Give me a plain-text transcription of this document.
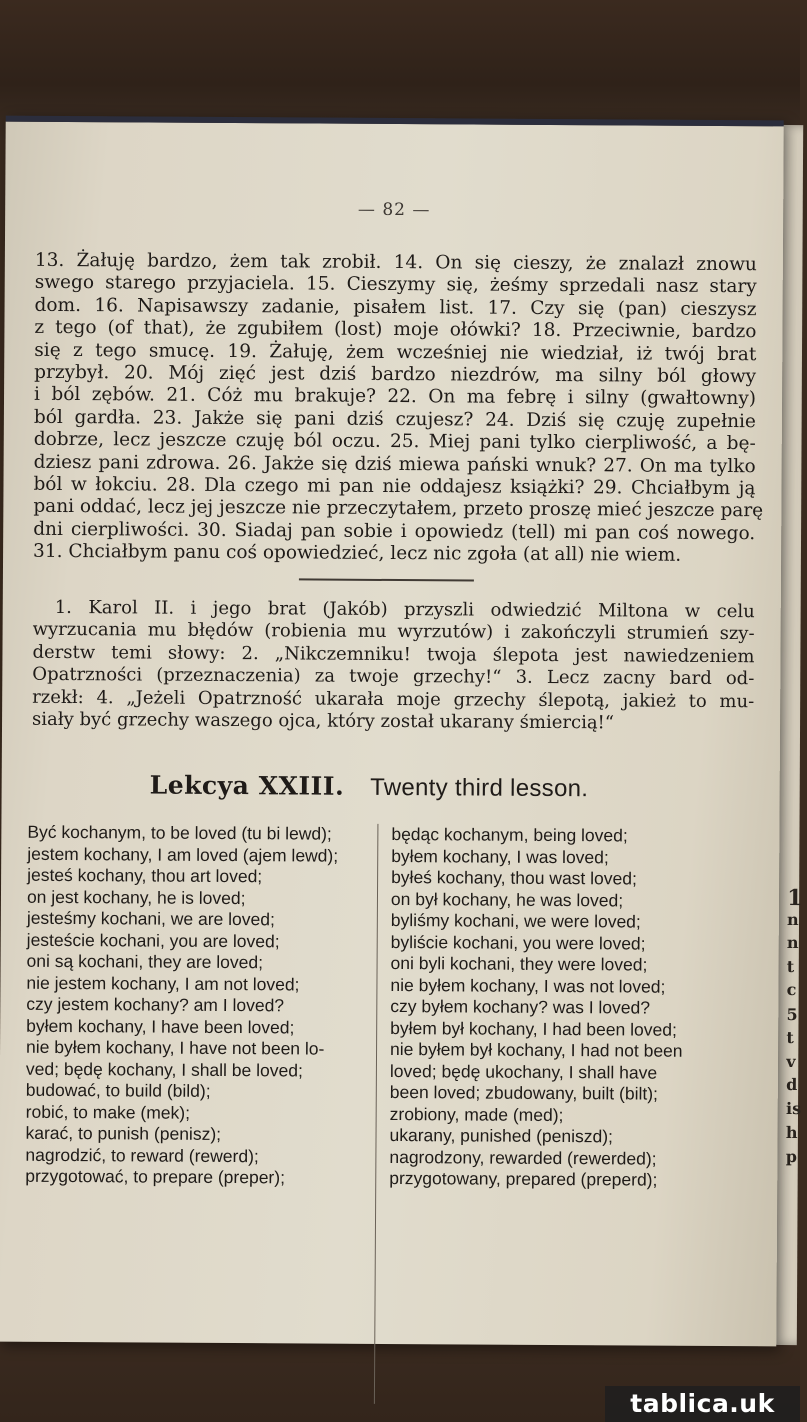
1
n
n
t
c
5
t
v
d
is
h
p
— 82 —

13. Żałuję bardzo, żem tak zrobił. 14. On się cieszy, że znalazł znowu
swego starego przyjaciela. 15. Cieszymy się, żeśmy sprzedali nasz stary
dom. 16. Napisawszy zadanie, pisałem list. 17. Czy się (pan) cieszysz
z tego (of that), że zgubiłem (lost) moje ołówki? 18. Przeciwnie, bardzo
się z tego smucę. 19. Żałuję, żem wcześniej nie wiedział, iż twój brat
przybył. 20. Mój zięć jest dziś bardzo niezdrów, ma silny ból głowy
i ból zębów. 21. Cóż mu brakuje? 22. On ma febrę i silny (gwałtowny)
ból gardła. 23. Jakże się pani dziś czujesz? 24. Dziś się czuję zupełnie
dobrze, lecz jeszcze czuję ból oczu. 25. Miej pani tylko cierpliwość, a bę-
dziesz pani zdrowa. 26. Jakże się dziś miewa pański wnuk? 27. On ma tylko
ból w łokciu. 28. Dla czego mi pan nie oddajesz książki? 29. Chciałbym ją
pani oddać, lecz jej jeszcze nie przeczytałem, przeto proszę mieć jeszcze parę
dni cierpliwości. 30. Siadaj pan sobie i opowiedz (tell) mi pan coś nowego.
31. Chciałbym panu coś opowiedzieć, lecz nic zgoła (at all) nie wiem.

1. Karol II. i jego brat (Jakób) przyszli odwiedzić Miltona w celu
wyrzucania mu błędów (robienia mu wyrzutów) i zakończyli strumień szy-
derstw temi słowy: 2. „Nikczemniku! twoja ślepota jest nawiedzeniem
Opatrzności (przeznaczenia) za twoje grzechy!“ 3. Lecz zacny bard od-
rzekł: 4. „Jeżeli Opatrzność ukarała moje grzechy ślepotą, jakież to mu-
siały być grzechy waszego ojca, który został ukarany śmiercią!“

Lekcya XXIII. Twenty third lesson.
Być kochanym, to be loved (tu bi lewd);
jestem kochany, I am loved (ajem lewd);
jesteś kochany, thou art loved;
on jest kochany, he is loved;
jesteśmy kochani, we are loved;
jesteście kochani, you are loved;
oni są kochani, they are loved;
nie jestem kochany, I am not loved;
czy jestem kochany? am I loved?
byłem kochany, I have been loved;
nie byłem kochany, I have not been lo-
ved; będę kochany, I shall be loved;
budować, to build (bild);
robić, to make (mek);
karać, to punish (penisz);
nagrodzić, to reward (rewerd);
przygotować, to prepare (preper);
będąc kochanym, being loved;
byłem kochany, I was loved;
byłeś kochany, thou wast loved;
on był kochany, he was loved;
byliśmy kochani, we were loved;
byliście kochani, you were loved;
oni byli kochani, they were loved;
nie byłem kochany, I was not loved;
czy byłem kochany? was I loved?
byłem był kochany, I had been loved;
nie byłem był kochany, I had not been
loved; będę ukochany, I shall have
been loved; zbudowany, built (bilt);
zrobiony, made (med);
ukarany, punished (peniszd);
nagrodzony, rewarded (rewerded);
przygotowany, prepared (preperd);
tablica.uk
